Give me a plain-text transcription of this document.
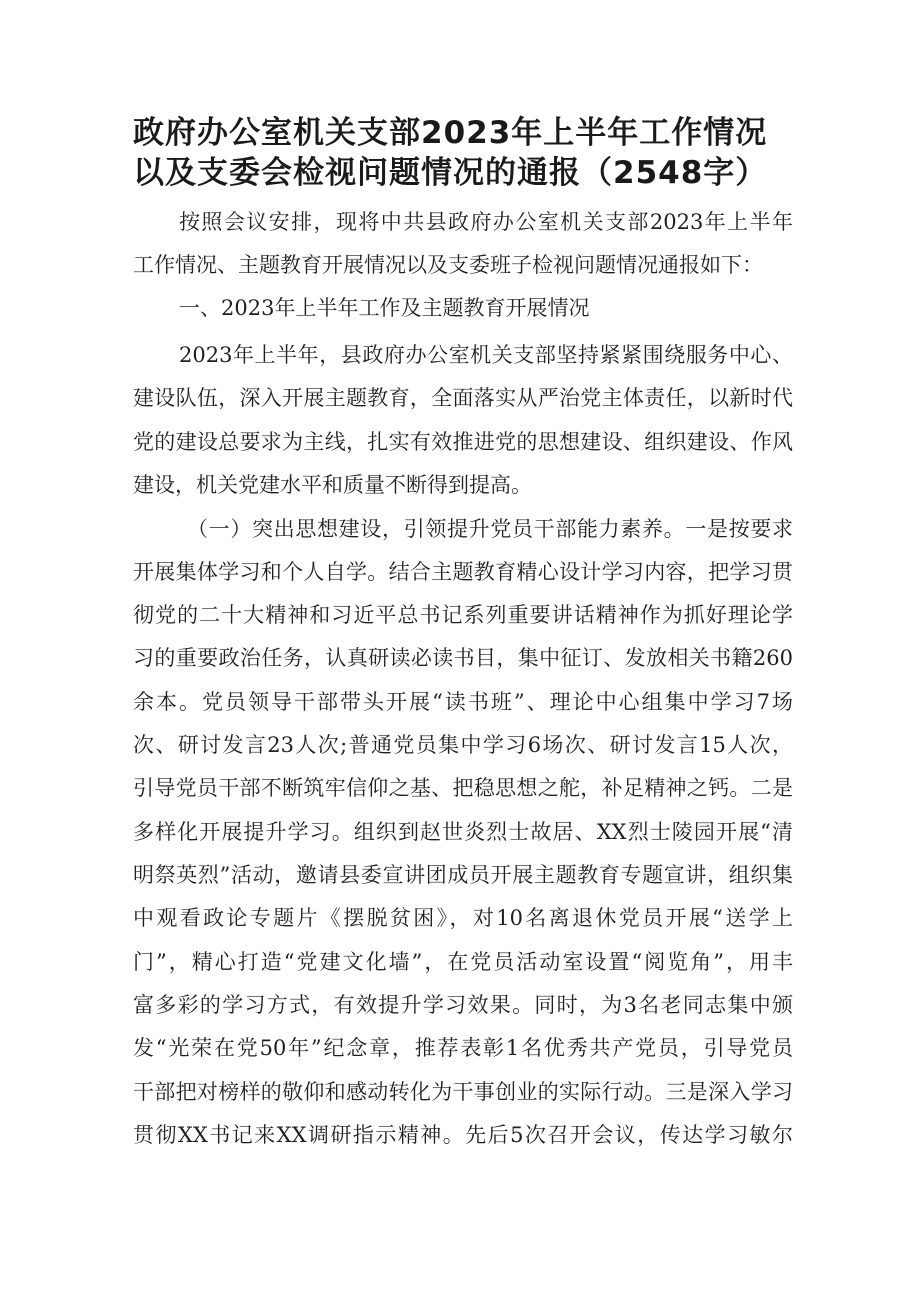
政府办公室机关支部2023年上半年工作情况
以及支委会检视问题情况的通报（2548字）
按照会议安排，现将中共县政府办公室机关支部2023年上半年
工作情况、主题教育开展情况以及支委班子检视问题情况通报如下：
一、2023年上半年工作及主题教育开展情况
2023年上半年，县政府办公室机关支部坚持紧紧围绕服务中心、
建设队伍，深入开展主题教育，全面落实从严治党主体责任，以新时代
党的建设总要求为主线，扎实有效推进党的思想建设、组织建设、作风
建设，机关党建水平和质量不断得到提高。
（一）突出思想建设，引领提升党员干部能力素养。一是按要求
开展集体学习和个人自学。结合主题教育精心设计学习内容，把学习贯
彻党的二十大精神和习近平总书记系列重要讲话精神作为抓好理论学
习的重要政治任务，认真研读必读书目，集中征订、发放相关书籍260
余本。党员领导干部带头开展“读书班”、理论中心组集中学习7场
次、研讨发言23人次;普通党员集中学习6场次、研讨发言15人次，
引导党员干部不断筑牢信仰之基、把稳思想之舵，补足精神之钙。二是
多样化开展提升学习。组织到赵世炎烈士故居、XX烈士陵园开展“清
明祭英烈”活动，邀请县委宣讲团成员开展主题教育专题宣讲，组织集
中观看政论专题片《摆脱贫困》，对10名离退休党员开展“送学上
门”，精心打造“党建文化墙”，在党员活动室设置“阅览角”，用丰
富多彩的学习方式，有效提升学习效果。同时，为3名老同志集中颁
发“光荣在党50年”纪念章，推荐表彰1名优秀共产党员，引导党员
干部把对榜样的敬仰和感动转化为干事创业的实际行动。三是深入学习
贯彻XX书记来XX调研指示精神。先后5次召开会议，传达学习敏尔
